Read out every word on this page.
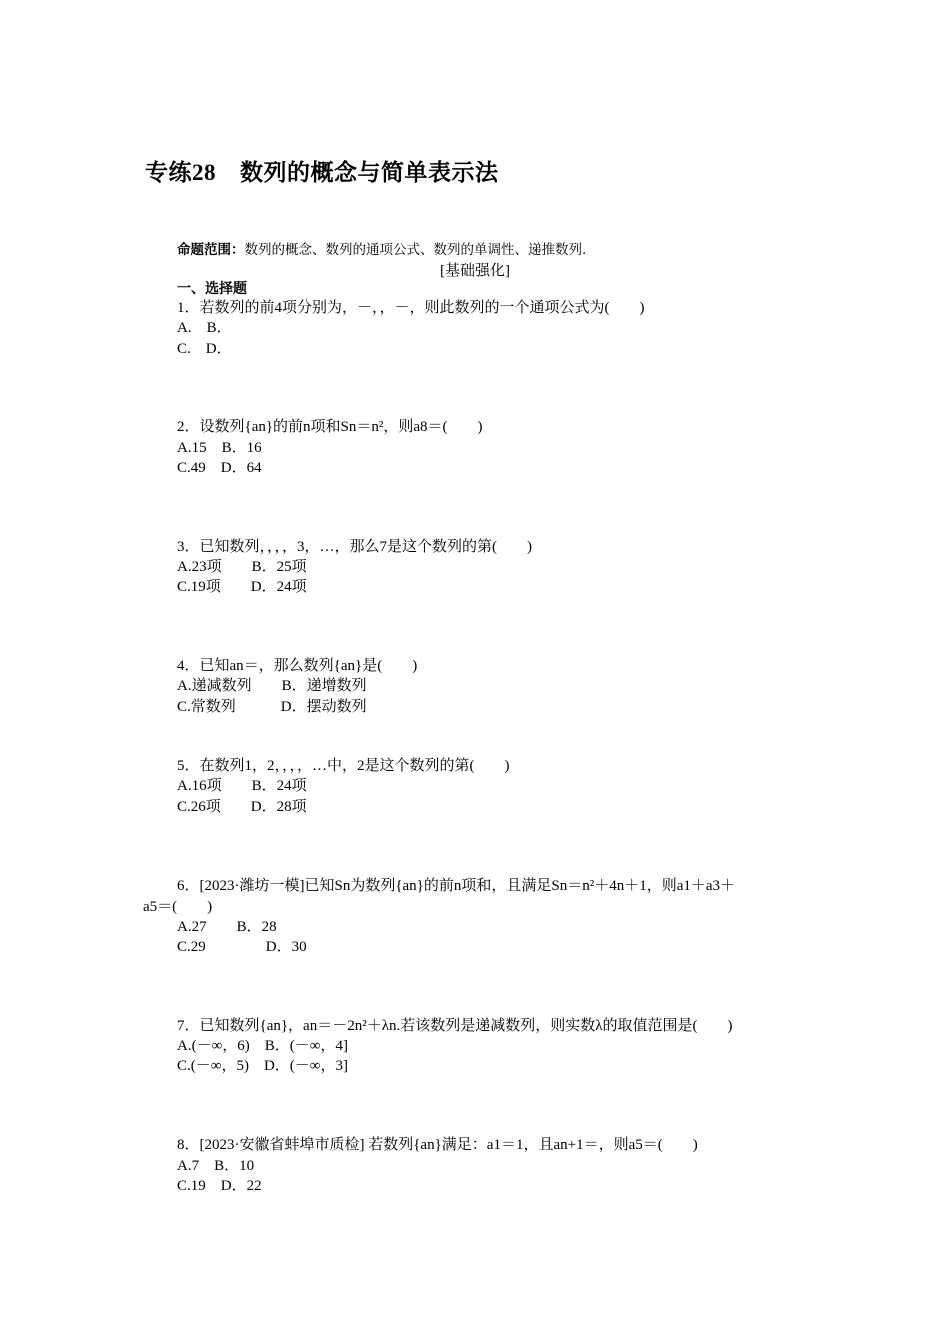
专练28 数列的概念与简单表示法
命题范围：数列的概念、数列的通项公式、数列的单调性、递推数列.
[基础强化]
一、选择题
1．若数列的前4项分别为，－，，－，则此数列的一个通项公式为(　　)
A.　B．
C.　D．
2．设数列{an}的前n项和Sn＝n²，则a8＝(　　)
A.15　B．16
C.49　D．64
3．已知数列，，，，3，…，那么7是这个数列的第(　　)
A.23项　　B．25项
C.19项　　D．24项
4．已知an＝，那么数列{an}是(　　)
A.递减数列　　B．递增数列
C.常数列　　　D．摆动数列
5．在数列1，2，，，，…中，2是这个数列的第(　　)
A.16项　　B．24项
C.26项　　D．28项
6．[2023·潍坊一模]已知Sn为数列{an}的前n项和，且满足Sn＝n²＋4n＋1，则a1＋a3＋
a5＝(　　)
A.27　　B．28
C.29　　　　D．30
7．已知数列{an}，an＝－2n²＋λn.若该数列是递减数列，则实数λ的取值范围是(　　)
A.(－∞，6)　B．(－∞，4]
C.(－∞，5)　D．(－∞，3]
8．[2023·安徽省蚌埠市质检] 若数列{an}满足：a1＝1，且an+1＝，则a5＝(　　)
A.7　B．10
C.19　D．22
